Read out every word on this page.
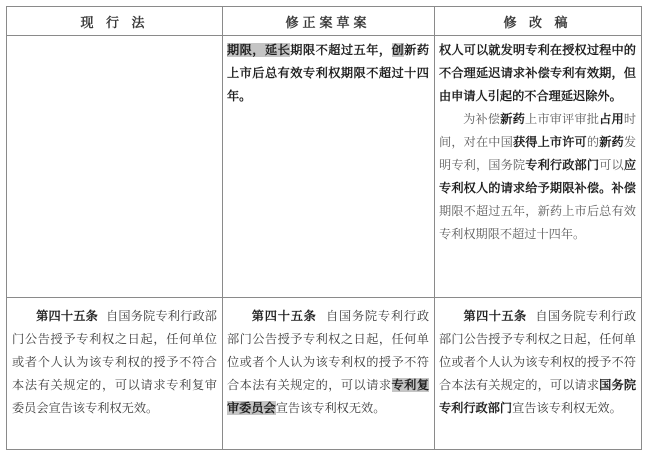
现 行 法	修正案草案	修 改 稿
期限，延长期限不超过五年，创新药上市后总有效专利权期限不超过十四年。

权人可以就发明专利在授权过程中的不合理延迟请求补偿专利有效期，但由申请人引起的不合理延迟除外。

为补偿新药上市审评审批占用时间，对在中国获得上市许可的新药发明专利，国务院专利行政部门可以应专利权人的请求给予期限补偿。补偿期限不超过五年，新药上市后总有效专利权期限不超过十四年。

第四十五条 自国务院专利行政部门公告授予专利权之日起，任何单位或者个人认为该专利权的授予不符合本法有关规定的，可以请求专利复审委员会宣告该专利权无效。
第四十五条 自国务院专利行政部门公告授予专利权之日起，任何单位或者个人认为该专利权的授予不符合本法有关规定的，可以请求专利复审委员会宣告该专利权无效。
第四十五条 自国务院专利行政部门公告授予专利权之日起，任何单位或者个人认为该专利权的授予不符合本法有关规定的，可以请求国务院专利行政部门宣告该专利权无效。
